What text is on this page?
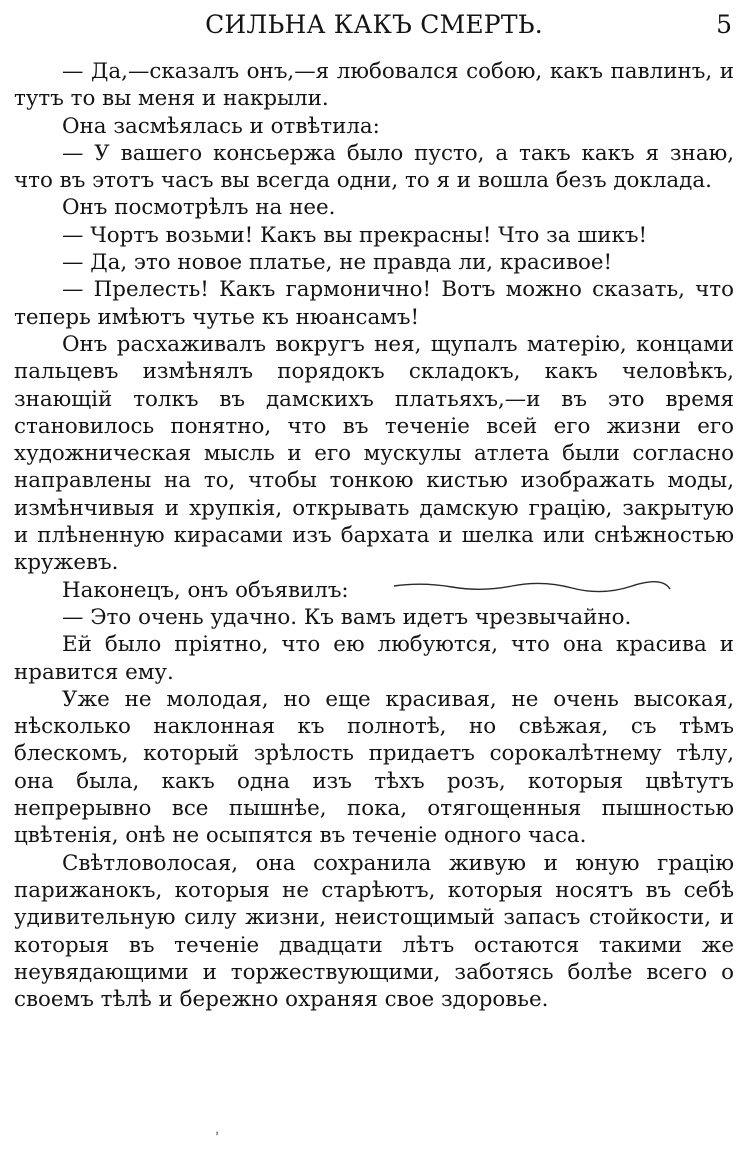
СИЛЬНА КАКЪ СМЕРТЬ.	5

— Да,—сказалъ онъ,—я любовался собою, какъ павлинъ, и тутъ то вы меня и накрыли.

Она засмѣялась и отвѣтила:

— У вашего консьержа было пусто, а такъ какъ я знаю, что въ этотъ часъ вы всегда одни, то я и вошла безъ доклада.

Онъ посмотрѣлъ на нее.

— Чортъ возьми! Какъ вы прекрасны! Что за шикъ!

— Да, это новое платье, не правда ли, красивое!

— Прелесть! Какъ гармонично! Вотъ можно сказать, что теперь имѣютъ чутье къ нюансамъ!

Онъ расхаживалъ вокругъ нея, щупалъ матерію, концами пальцевъ измѣнялъ порядокъ складокъ, какъ человѣкъ, знающій толкъ въ дамскихъ платьяхъ,—и въ это время становилось понятно, что въ теченіе всей его жизни его художническая мысль и его мускулы атлета были согласно направлены на то, чтобы тонкою кистью изображать моды, измѣнчивыя и хрупкія, открывать дамскую грацію, закрытую и плѣненную кирасами изъ бархата и шелка или снѣжностью кружевъ.

Наконецъ, онъ объявилъ:

— Это очень удачно. Къ вамъ идетъ чрезвычайно.

Ей было пріятно, что ею любуются, что она красива и нравится ему.

Уже не молодая, но еще красивая, не очень высокая, нѣсколько наклонная къ полнотѣ, но свѣжая, съ тѣмъ блескомъ, который зрѣлость придаетъ сорокалѣтнему тѣлу, она была, какъ одна изъ тѣхъ розъ, которыя цвѣтутъ непрерывно все пышнѣе, пока, отягощенныя пышностью цвѣтенія, онѣ не осыпятся въ теченіе одного часа.

Свѣтловолосая, она сохранила живую и юную грацію парижанокъ, которыя не старѣютъ, которыя носятъ въ себѣ удивительную силу жизни, неистощимый запасъ стойкости, и которыя въ теченіе двадцати лѣтъ остаются такими же неувядающими и торжествующими, заботясь болѣе всего о своемъ тѣлѣ и бережно охраняя свое здоровье.

ʼ
